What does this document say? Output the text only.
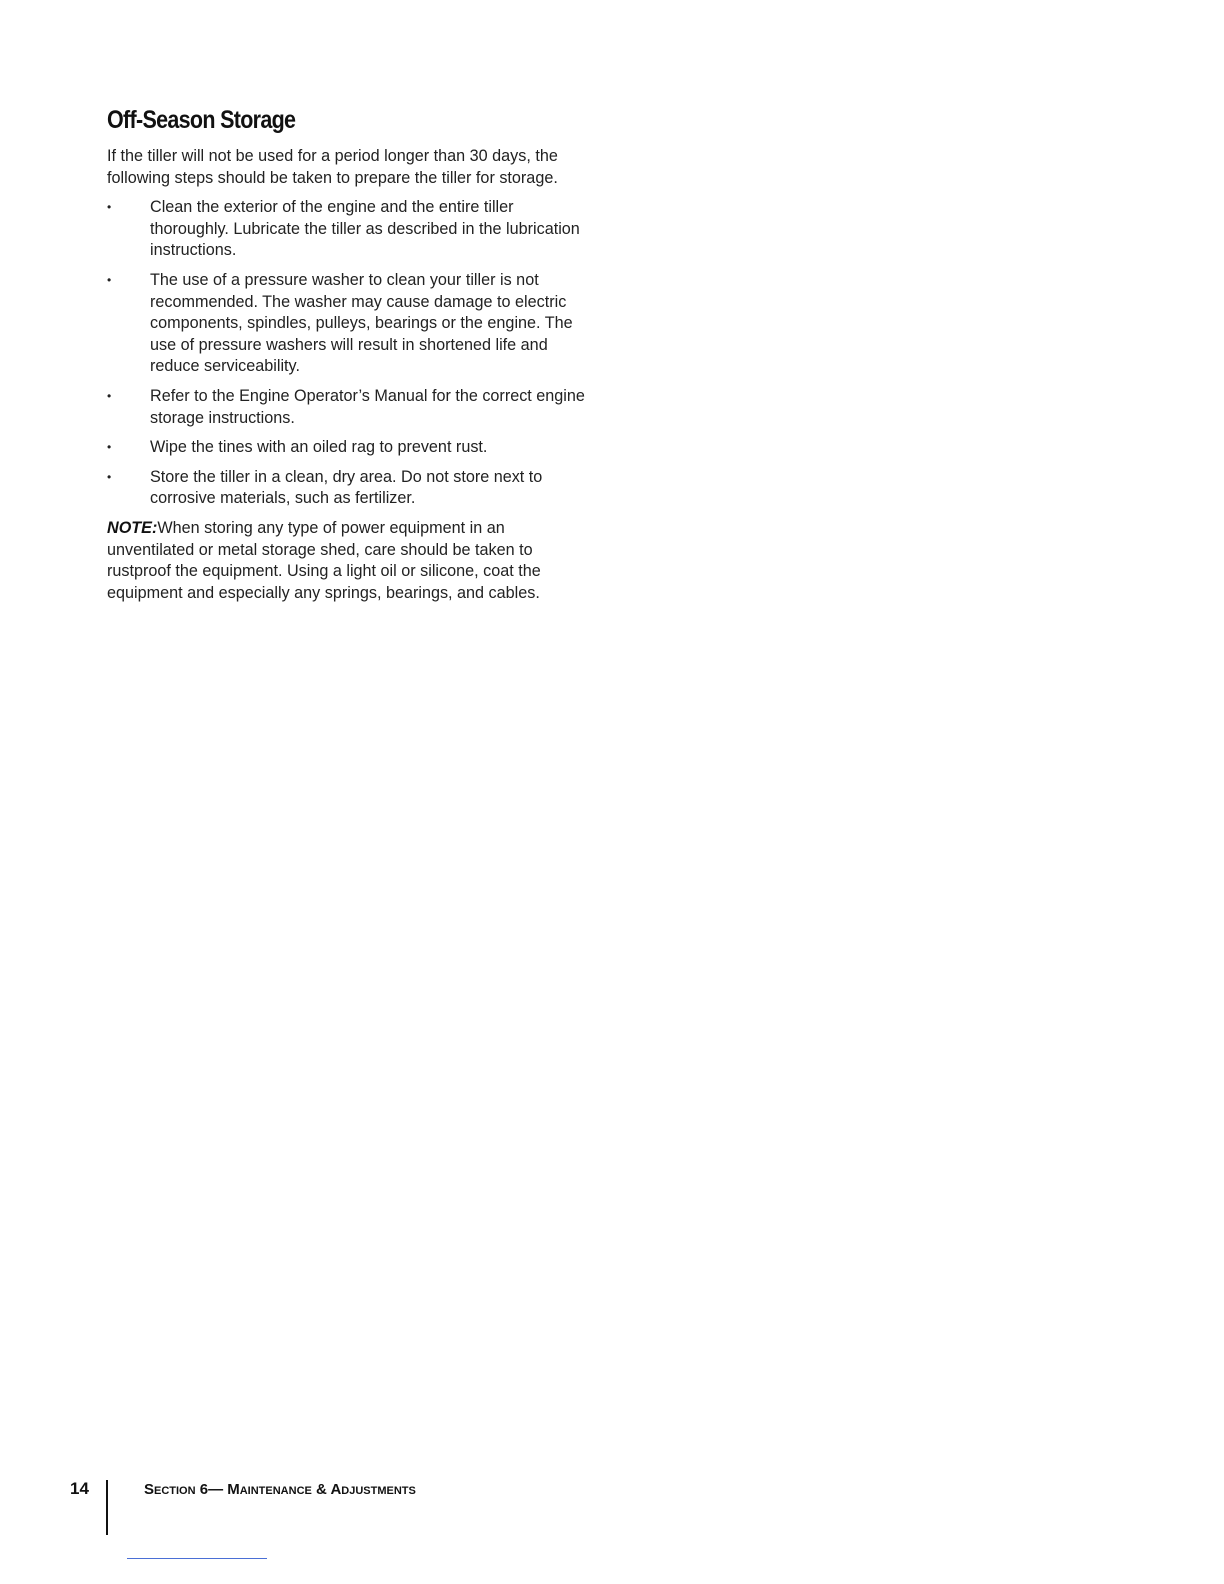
Off-Season Storage

If the tiller will not be used for a period longer than 30 days, the following steps should be taken to prepare the tiller for storage.

•	Clean the exterior of the engine and the entire tiller thoroughly. Lubricate the tiller as described in the lubrication instructions.
•	The use of a pressure washer to clean your tiller is not recommended. The washer may cause damage to electric components, spindles, pulleys, bearings or the engine. The use of pressure washers will result in shortened life and reduce serviceability.
•	Refer to the Engine Operator’s Manual for the correct engine storage instructions.
•	Wipe the tines with an oiled rag to prevent rust.
•	Store the tiller in a clean, dry area. Do not store next to corrosive materials, such as fertilizer.

NOTE:When storing any type of power equipment in an unventilated or metal storage shed, care should be taken to rustproof the equipment. Using a light oil or silicone, coat the equipment and especially any springs, bearings, and cables.

14	Section 6— Maintenance & Adjustments
